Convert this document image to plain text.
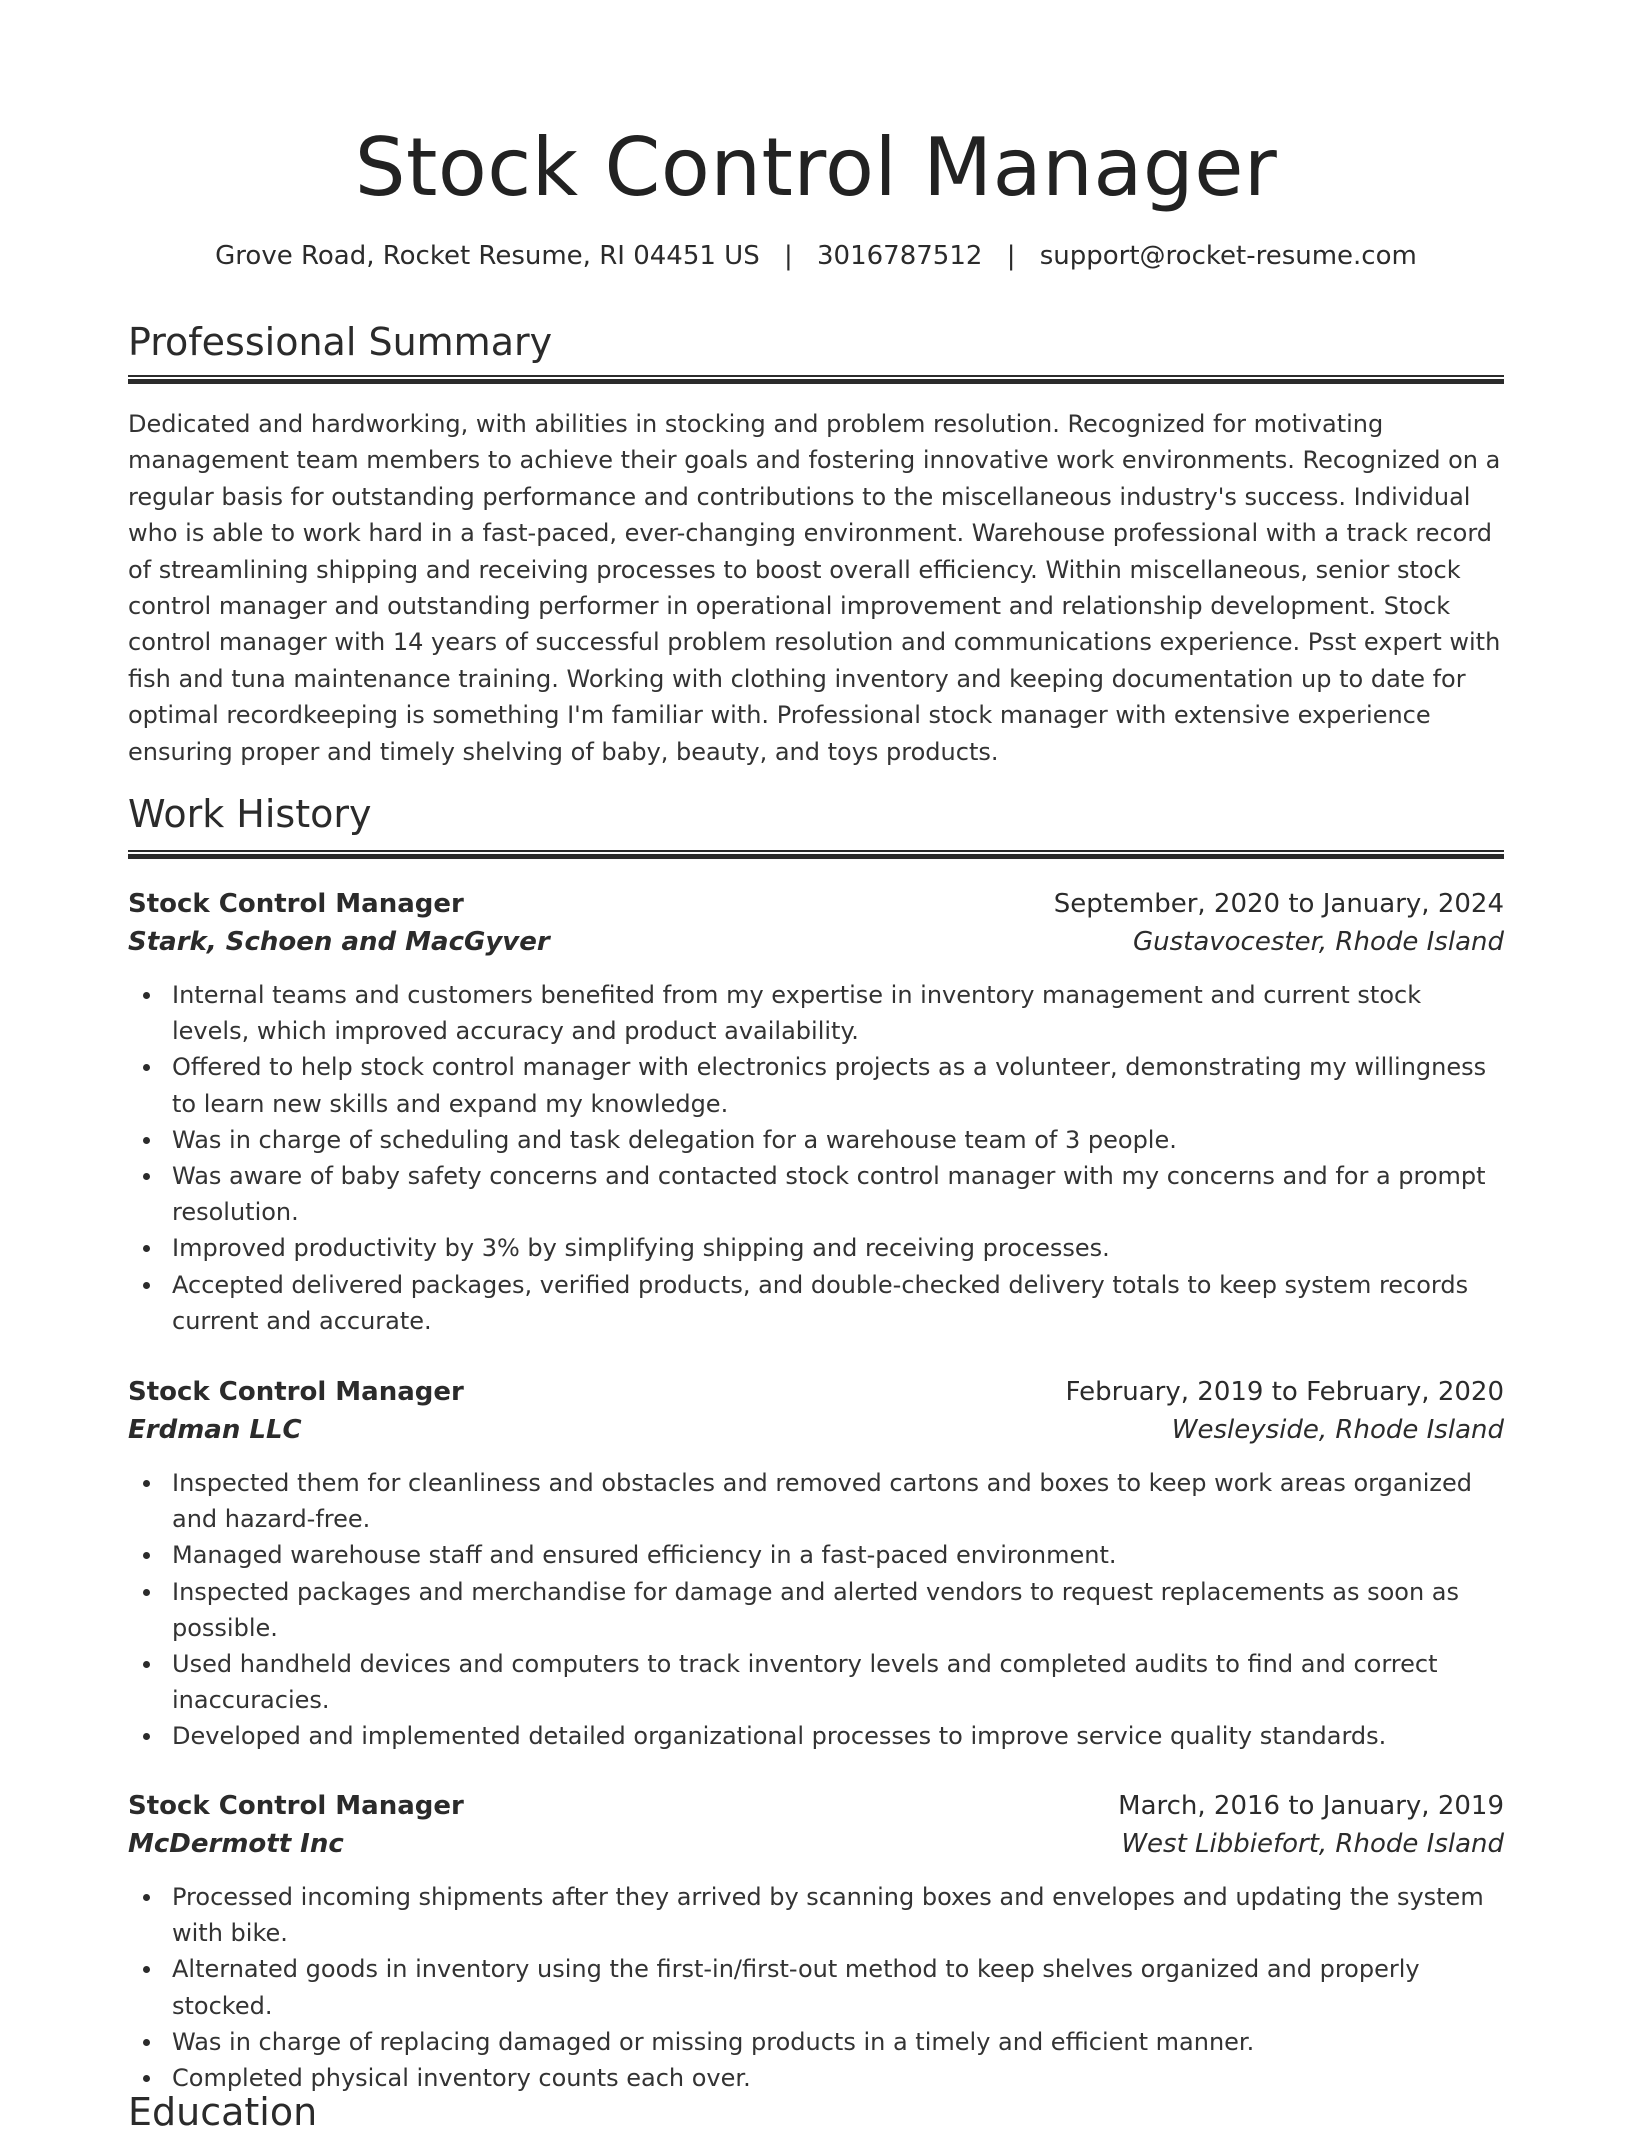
Stock Control Manager
Grove Road, Rocket Resume, RI 04451 US | 3016787512 | support@rocket-resume.com
Professional Summary

Dedicated and hardworking, with abilities in stocking and problem resolution. Recognized for motivating management team members to achieve their goals and fostering innovative work environments. Recognized on a regular basis for outstanding performance and contributions to the miscellaneous industry's success. Individual who is able to work hard in a fast-paced, ever-changing environment. Warehouse professional with a track record of streamlining shipping and receiving processes to boost overall efficiency. Within miscellaneous, senior stock control manager and outstanding performer in operational improvement and relationship development. Stock control manager with 14 years of successful problem resolution and communications experience. Psst expert with fish and tuna maintenance training. Working with clothing inventory and keeping documentation up to date for optimal recordkeeping is something I'm familiar with. Professional stock manager with extensive experience ensuring proper and timely shelving of baby, beauty, and toys products.

Work History
Stock Control Manager	September, 2020 to January, 2024
Stark, Schoen and MacGyver	Gustavocester, Rhode Island
Internal teams and customers benefited from my expertise in inventory management and current stock levels, which improved accuracy and product availability.
Offered to help stock control manager with electronics projects as a volunteer, demonstrating my willingness to learn new skills and expand my knowledge.
Was in charge of scheduling and task delegation for a warehouse team of 3 people.
Was aware of baby safety concerns and contacted stock control manager with my concerns and for a prompt resolution.
Improved productivity by 3% by simplifying shipping and receiving processes.
Accepted delivered packages, verified products, and double-checked delivery totals to keep system records current and accurate.
Stock Control Manager	February, 2019 to February, 2020
Erdman LLC	Wesleyside, Rhode Island
Inspected them for cleanliness and obstacles and removed cartons and boxes to keep work areas organized and hazard-free.
Managed warehouse staff and ensured efficiency in a fast-paced environment.
Inspected packages and merchandise for damage and alerted vendors to request replacements as soon as possible.
Used handheld devices and computers to track inventory levels and completed audits to find and correct inaccuracies.
Developed and implemented detailed organizational processes to improve service quality standards.
Stock Control Manager	March, 2016 to January, 2019
McDermott Inc	West Libbiefort, Rhode Island
Processed incoming shipments after they arrived by scanning boxes and envelopes and updating the system with bike.
Alternated goods in inventory using the first-in/first-out method to keep shelves organized and properly stocked.
Was in charge of replacing damaged or missing products in a timely and efficient manner.
Completed physical inventory counts each over.
Education
